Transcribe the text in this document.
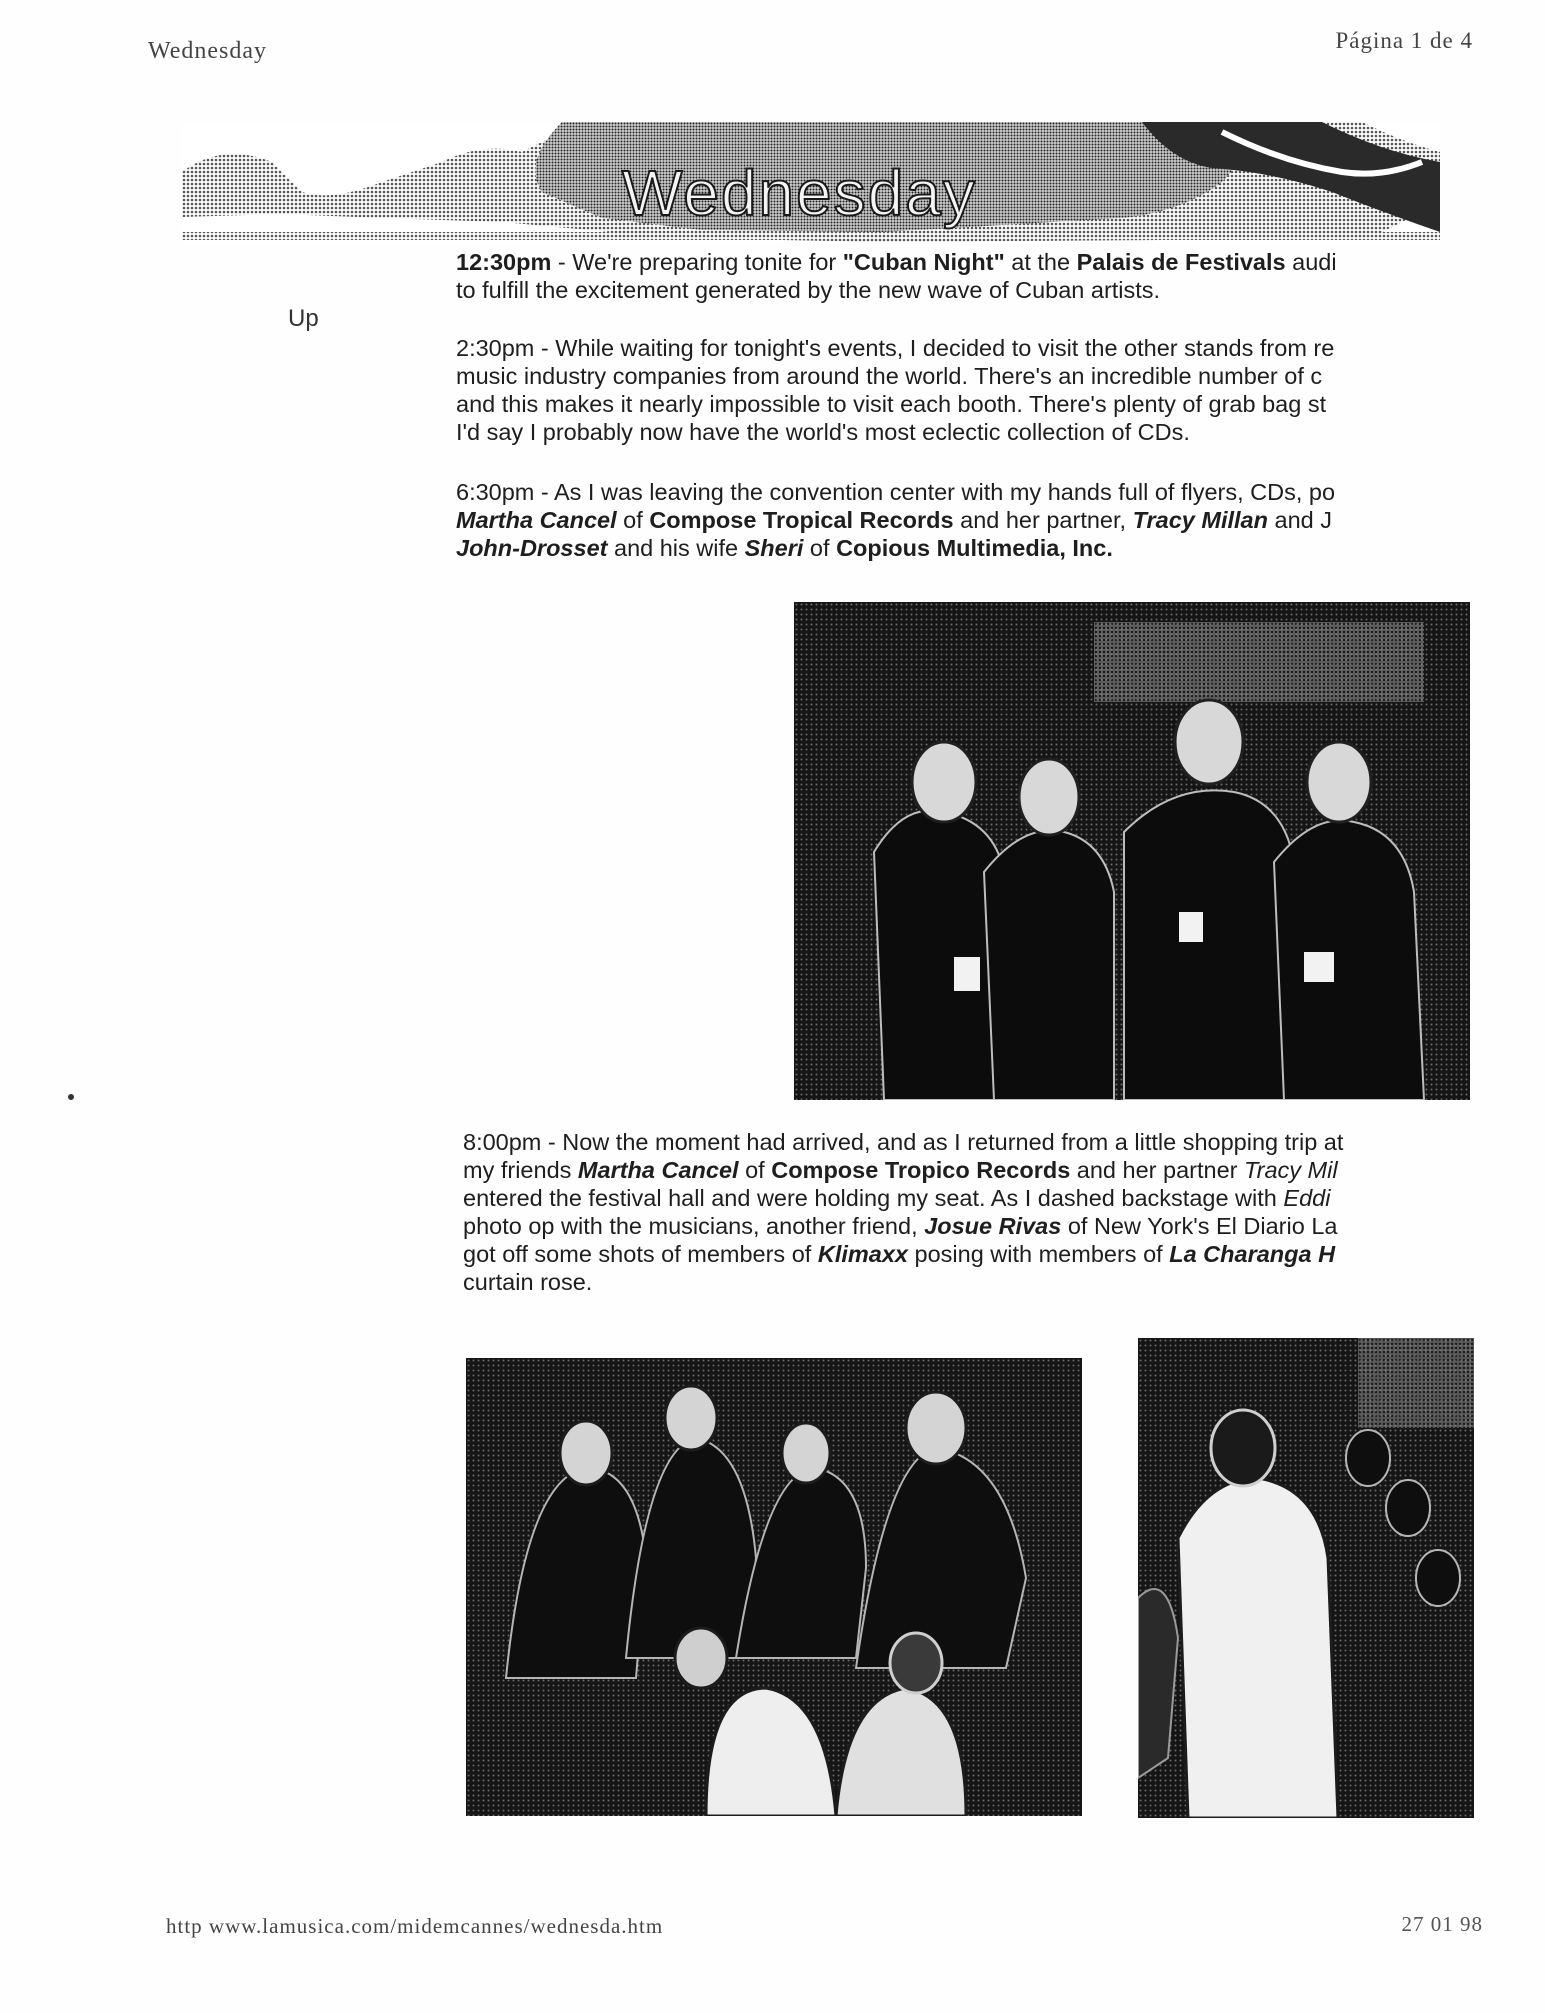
Wednesday	Página 1 de 4
Wednesday
Up
12:30pm - We're preparing tonite for "Cuban Night" at the Palais de Festivals audi
to fulfill the excitement generated by the new wave of Cuban artists.
2:30pm - While waiting for tonight's events, I decided to visit the other stands from re
music industry companies from around the world. There's an incredible number of c
and this makes it nearly impossible to visit each booth. There's plenty of grab bag st
I'd say I probably now have the world's most eclectic collection of CDs.
6:30pm - As I was leaving the convention center with my hands full of flyers, CDs, po
Martha Cancel of Compose Tropical Records and her partner, Tracy Millan and J
John-Drosset and his wife Sheri of Copious Multimedia, Inc.
8:00pm - Now the moment had arrived, and as I returned from a little shopping trip at
my friends Martha Cancel of Compose Tropico Records and her partner Tracy Mil
entered the festival hall and were holding my seat. As I dashed backstage with Eddi
photo op with the musicians, another friend, Josue Rivas of New York's El Diario La
got off some shots of members of Klimaxx posing with members of La Charanga H
curtain rose.
http www.lamusica.com/midemcannes/wednesda.htm	27 01 98
